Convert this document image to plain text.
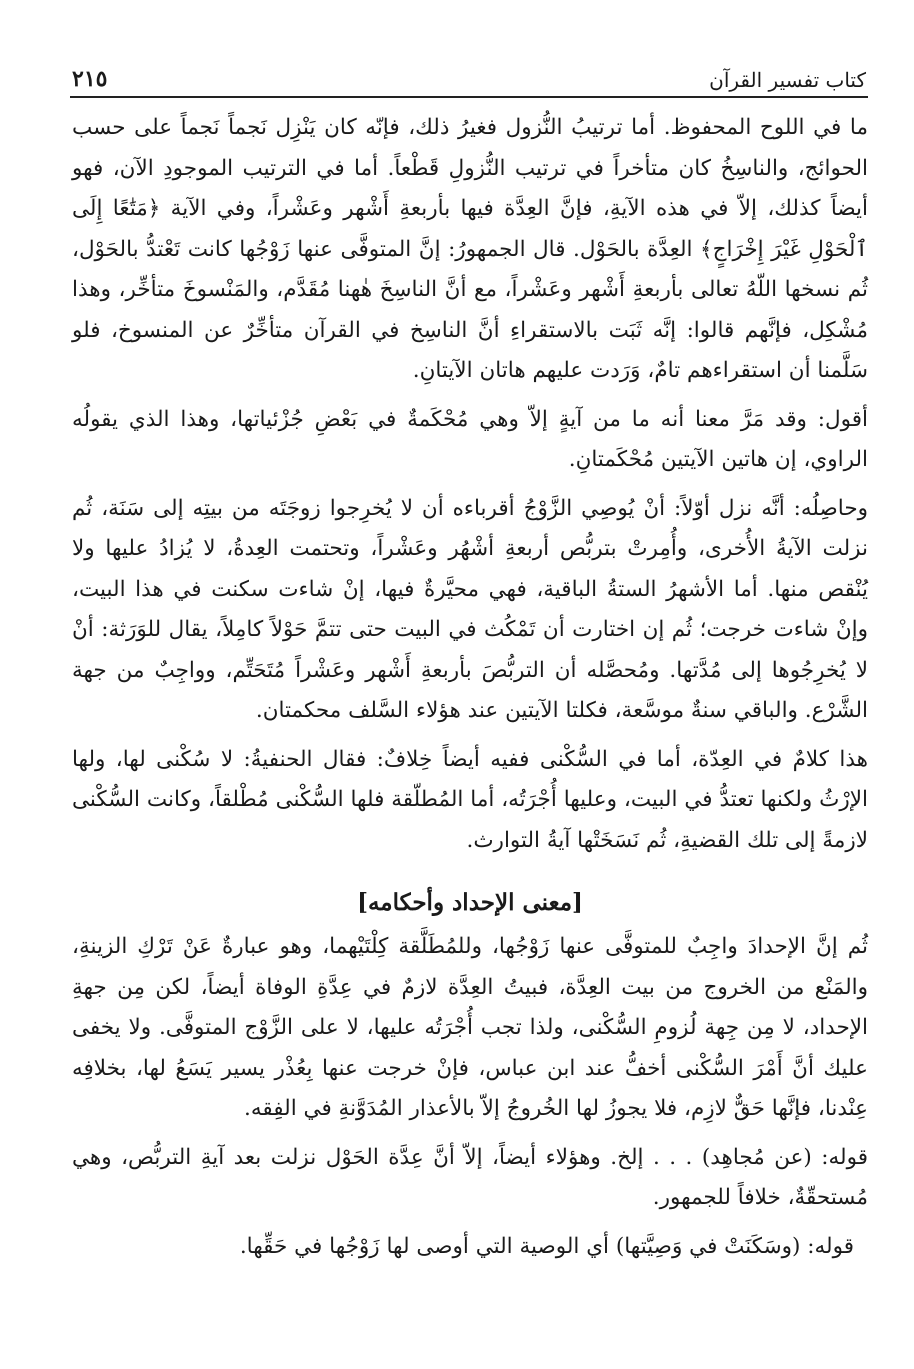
كتاب تفسير القرآن
٢١٥

ما في اللوح المحفوظ. أما ترتيبُ النُّزول فغيرُ ذلك، فإنّه كان يَنْزِل نَجماً نَجماً على حسب الحوائج، والناسِخُ كان متأخراً في ترتيب النُّزولِ قَطْعاً. أما في الترتيب الموجودِ الآن، فهو أيضاً كذلك، إلاّ في هذه الآيةِ، فإنَّ العِدَّة فيها بأربعةِ أَشْهر وعَشْراً، وفي الآية ﴿مَتَٰعًا إِلَى ٱلْحَوْلِ غَيْرَ إِخْرَاجٍ﴾ العِدَّة بالحَوْل. قال الجمهورُ: إنَّ المتوفَّى عنها زَوْجُها كانت تَعْتدُّ بالحَوْل، ثُم نسخها اللّهُ تعالى بأربعةِ أَشْهر وعَشْراً، مع أنَّ الناسِخَ هٰهنا مُقَدَّم، والمَنْسوخَ متأخِّر، وهذا مُشْكِل، فإنَّهم قالوا: إنَّه ثَبَت بالاستقراءِ أنَّ الناسِخ في القرآن متأخِّرٌ عن المنسوخ، فلو سَلَّمنا أن استقراءهم تامٌ، وَرَدت عليهم هاتان الآيتانِ.

أقول: وقد مَرَّ معنا أنه ما من آيةٍ إلاّ وهي مُحْكَمةٌ في بَعْضِ جُزْئياتها، وهذا الذي يقولُه الراوي، إن هاتين الآيتين مُحْكَمتانِ.

وحاصِلُه: أنَّه نزل أوّلاً: أنْ يُوصِي الزَّوْجُ أقرباءه أن لا يُخرِجوا زوجَتَه من بيتِه إلى سَنَة، ثُم نزلت الآيةُ الأُخرى، وأُمِرتْ بتربُّص أربعةِ أشْهُر وعَشْراً، وتحتمت العِدةُ، لا يُزادُ عليها ولا يُنْقص منها. أما الأشهرُ الستةُ الباقية، فهي محيَّرةٌ فيها، إنْ شاءت سكنت في هذا البيت، وإنْ شاءت خرجت؛ ثُم إن اختارت أن تَمْكُث في البيت حتى تتمَّ حَوْلاً كامِلاً، يقال للوَرَثة: أنْ لا يُخرِجُوها إلى مُدَّتها. ومُحصَّله أن التربُّصَ بأربعةِ أَشْهر وعَشْراً مُتَحَتِّم، وواجِبٌ من جهة الشَّرْع. والباقي سنةٌ موسَّعة، فكلتا الآيتين عند هؤلاء السَّلف محكمتان.

هذا كلامٌ في العِدّة، أما في السُّكْنى ففيه أيضاً خِلافٌ: فقال الحنفيةُ: لا سُكْنى لها، ولها الإرْثُ ولكنها تعتدُّ في البيت، وعليها أُجْرَتُه، أما المُطلّقة فلها السُّكْنى مُطْلقاً، وكانت السُّكْنى لازمةً إلى تلك القضيةِ، ثُم نَسَخَتْها آيةُ التوارث.

[معنى الإحداد وأحكامه]

ثُم إنَّ الإحدادَ واجِبٌ للمتوفَّى عنها زَوْجُها، وللمُطَلَّقة كِلْتَيْهما، وهو عبارةٌ عَنْ تَرْكِ الزينةِ، والمَنْع من الخروج من بيت العِدَّة، فبيتُ العِدَّة لازمٌ في عِدَّةِ الوفاة أيضاً، لكن مِن جهةِ الإحداد، لا مِن جِهة لُزومِ السُّكْنى، ولذا تجب أُجْرَتُه عليها، لا على الزَّوْج المتوفَّى. ولا يخفى عليك أنَّ أَمْرَ السُّكْنى أخفُّ عند ابن عباس، فإنْ خرجت عنها بِعُذْر يسير يَسَعُ لها، بخلافِه عِنْدنا، فإنَّها حَقٌّ لازِم، فلا يجوزُ لها الخُروجُ إلاّ بالأعذار المُدَوَّنةِ في الفِقه.

قوله: (عن مُجاهِد) . . . إلخ. وهؤلاء أيضاً، إلاّ أنَّ عِدَّة الحَوْل نزلت بعد آيةِ التربُّص، وهي مُستحقّةٌ، خلافاً للجمهور.

قوله: (وسَكَنَتْ في وَصِيَّتها) أي الوصية التي أوصى لها زَوْجُها في حَقِّها.
